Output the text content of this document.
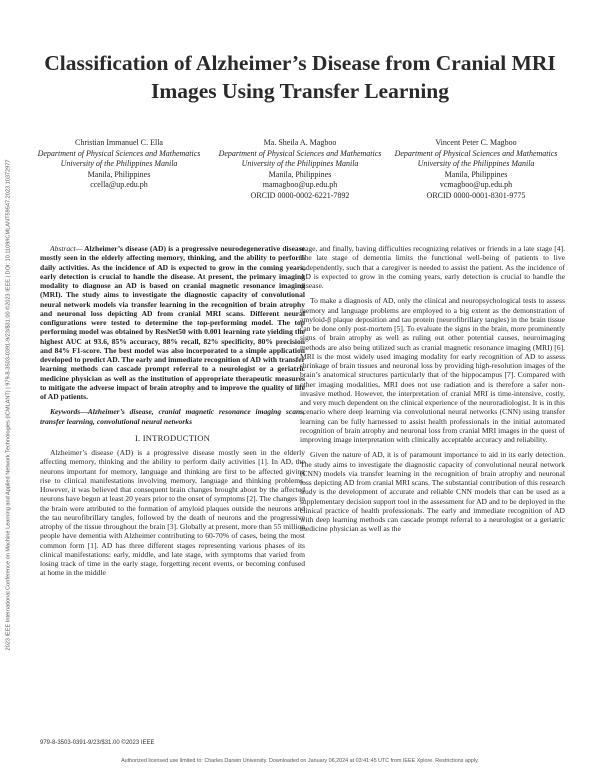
2023 IEEE International Conference on Machine Learning and Applied Network Technologies (ICMLANT) | 979-8-3503-0391-9/23/$31.00 ©2023 IEEE | DOI: 10.1109/ICMLANT59547.2023.10372977
Classification of Alzheimer’s Disease from Cranial MRI Images Using Transfer Learning
Christian Immanuel C. Ella
Department of Physical Sciences and Mathematics
University of the Philippines Manila
Manila, Philippines
ccella@up.edu.ph
Ma. Sheila A. Magboo
Department of Physical Sciences and Mathematics
University of the Philippines Manila
Manila, Philippines
mamagboo@up.edu.ph
ORCID 0000-0002-6221-7892
Vincent Peter C. Magboo
Department of Physical Sciences and Mathematics
University of the Philippines Manila
Manila, Philippines
vcmagboo@up.edu.ph
ORCID 0000-0001-8301-9775

Abstract— Alzheimer’s disease (AD) is a progressive neurodegenerative disease mostly seen in the elderly affecting memory, thinking, and the ability to perform daily activities. As the incidence of AD is expected to grow in the coming years, early detection is crucial to handle the disease. At present, the primary imaging modality to diagnose an AD is based on cranial magnetic resonance imaging (MRI). The study aims to investigate the diagnostic capacity of convolutional neural network models via transfer learning in the recognition of brain atrophy and neuronal loss depicting AD from cranial MRI scans. Different neural configurations were tested to determine the top-performing model. The top performing model was obtained by ResNet50 with 0.001 learning rate yielding the highest AUC at 93.6, 85% accuracy, 88% recall, 82% specificity, 80% precision and 84% F1-score. The best model was also incorporated to a simple application developed to predict AD. The early and immediate recognition of AD with transfer learning methods can cascade prompt referral to a neurologist or a geriatric medicine physician as well as the institution of appropriate therapeutic measures to mitigate the adverse impact of brain atrophy and to improve the quality of life of AD patients.

Keywords—Alzheimer’s disease, cranial magnetic resonance imaging scans, transfer learning, convolutional neural networks

I. INTRODUCTION

Alzheimer’s disease (AD) is a progressive disease mostly seen in the elderly affecting memory, thinking and the ability to perform daily activities [1]. In AD, the neurons important for memory, language and thinking are first to be affected giving rise to clinical manifestations involving memory, language and thinking problems. However, it was believed that consequent brain changes brought about by the affected neurons have begun at least 20 years prior to the onset of symptoms [2]. The changes in the brain were attributed to the formation of amyloid plaques outside the neurons and the tau neurofibrillary tangles, followed by the death of neurons and the progressive atrophy of the tissue throughout the brain [3]. Globally at present, more than 55 million people have dementia with Alzheimer contributing to 60-70% of cases, being the most common form [1]. AD has three different stages representing various phases of its clinical manifestations: early, middle, and late stage, with symptoms that varied from losing track of time in the early stage, forgetting recent events, or becoming confused at home in the middle

stage, and finally, having difficulties recognizing relatives or friends in a late stage [4]. The late stage of dementia limits the functional well-being of patients to live independently, such that a caregiver is needed to assist the patient. As the incidence of AD is expected to grow in the coming years, early detection is crucial to handle the disease.

To make a diagnosis of AD, only the clinical and neuropsychological tests to assess memory and language problems are employed to a big extent as the demonstration of amyloid-β plaque deposition and tau protein (neurofibrillary tangles) in the brain tissue can be done only post-mortem [5]. To evaluate the signs in the brain, more prominently signs of brain atrophy as well as ruling out other potential causes, neuroimaging methods are also being utilized such as cranial magnetic resonance imaging (MRI) [6]. MRI is the most widely used imaging modality for early recognition of AD to assess shrinkage of brain tissues and neuronal loss by providing high-resolution images of the brain’s anatomical structures particularly that of the hippocampus [7]. Compared with other imaging modalities, MRI does not use radiation and is therefore a safer non-invasive method. However, the interpretation of cranial MRI is time-intensive, costly, and very much dependent on the clinical experience of the neuroradiologist. It is in this scenario where deep learning via convolutional neural networks (CNN) using transfer learning can be fully harnessed to assist health professionals in the initial automated recognition of brain atrophy and neuronal loss from cranial MRI images in the quest of improving image interpretation with clinically acceptable accuracy and reliability.

Given the nature of AD, it is of paramount importance to aid in its early detection. The study aims to investigate the diagnostic capacity of convolutional neural network (CNN) models via transfer learning in the recognition of brain atrophy and neuronal loss depicting AD from cranial MRI scans. The substantial contribution of this research study is the development of accurate and reliable CNN models that can be used as a supplementary decision support tool in the assessment for AD and to be deployed in the clinical practice of health professionals. The early and immediate recognition of AD with deep learning methods can cascade prompt referral to a neurologist or a geriatric medicine physician as well as the

979-8-3503-0391-9/23/$31.00 ©2023 IEEE
Authorized licensed use limited to: Charles Darwin University. Downloaded on January 06,2024 at 03:41:45 UTC from IEEE Xplore. Restrictions apply.
